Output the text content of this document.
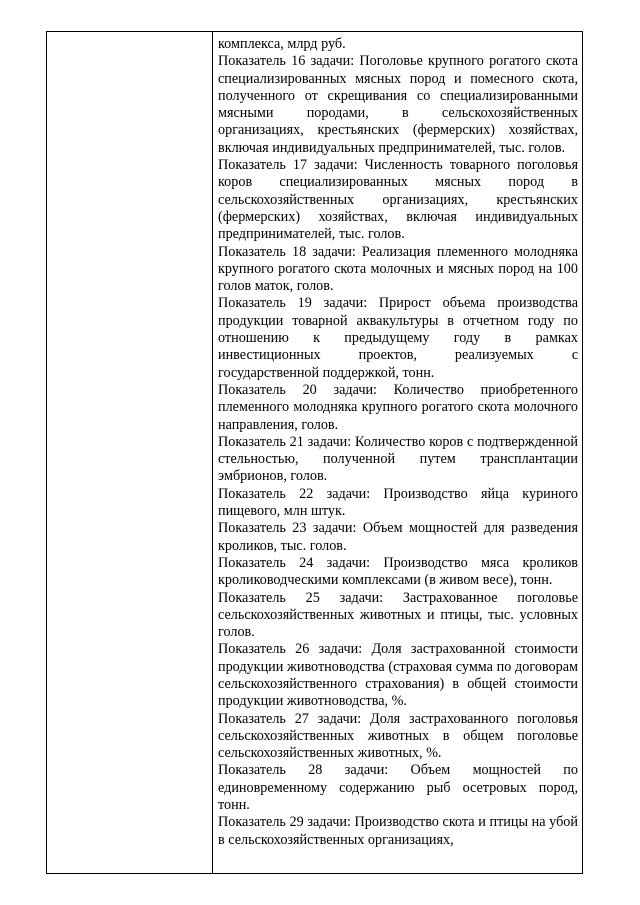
комплекса, млрд руб.

Показатель 16 задачи: Поголовье крупного рогатого скота специализированных мясных пород и помесного скота, полученного от скрещивания со специализированными мясными породами, в сельскохозяйственных организациях, крестьянских (фермерских) хозяйствах, включая индивидуальных предпринимателей, тыс. голов.

Показатель 17 задачи: Численность товарного поголовья коров специализированных мясных пород в сельскохозяйственных организациях, крестьянских (фермерских) хозяйствах, включая индивидуальных предпринимателей, тыс. голов.

Показатель 18 задачи: Реализация племенного молодняка крупного рогатого скота молочных и мясных пород на 100 голов маток, голов.

Показатель 19 задачи: Прирост объема производства продукции товарной аквакультуры в отчетном году по отношению к предыдущему году в рамках инвестиционных проектов, реализуемых с государственной поддержкой, тонн.

Показатель 20 задачи: Количество приобретенного племенного молодняка крупного рогатого скота молочного направления, голов.

Показатель 21 задачи: Количество коров с подтвержденной стельностью, полученной путем трансплантации эмбрионов, голов.

Показатель 22 задачи: Производство яйца куриного пищевого, млн штук.

Показатель 23 задачи: Объем мощностей для разведения кроликов, тыс. голов.

Показатель 24 задачи: Производство мяса кроликов кролиководческими комплексами (в живом весе), тонн.

Показатель 25 задачи: Застрахованное поголовье сельскохозяйственных животных и птицы, тыс. условных голов.

Показатель 26 задачи: Доля застрахованной стоимости продукции животноводства (страховая сумма по договорам сельскохозяйственного страхования) в общей стоимости продукции животноводства, %.

Показатель 27 задачи: Доля застрахованного поголовья сельскохозяйственных животных в общем поголовье сельскохозяйственных животных, %.

Показатель 28 задачи: Объем мощностей по единовременному содержанию рыб осетровых пород, тонн.

Показатель 29 задачи: Производство скота и птицы на убой в сельскохозяйственных организациях,
